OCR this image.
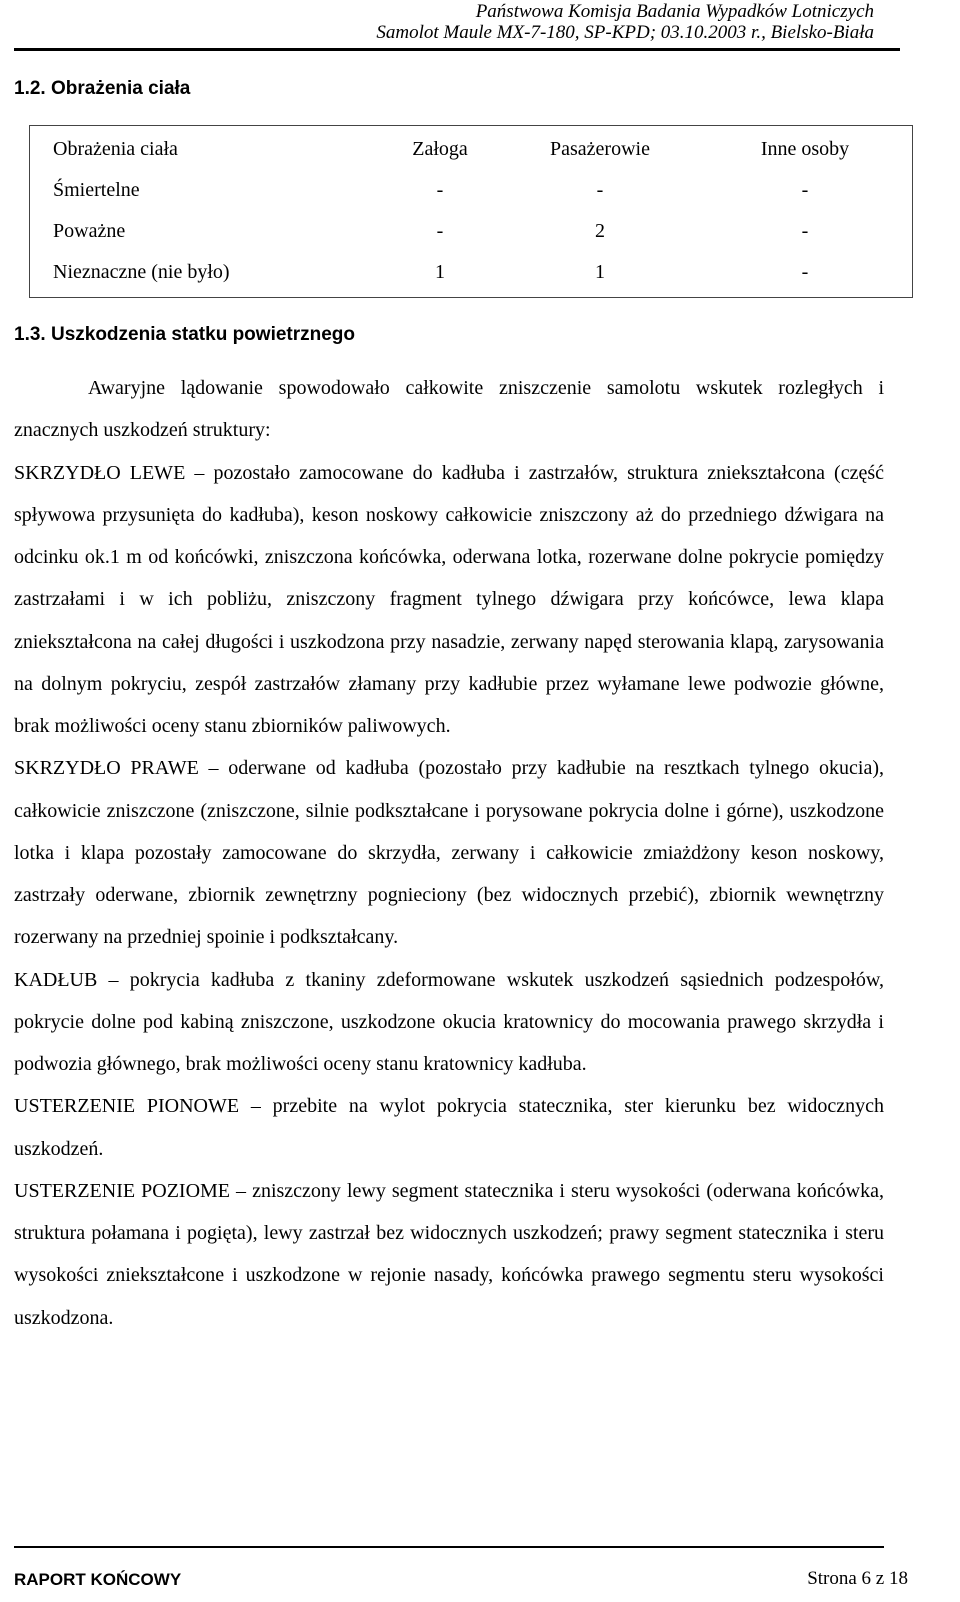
Państwowa Komisja Badania Wypadków Lotniczych
Samolot Maule MX-7-180, SP-KPD; 03.10.2003 r., Bielsko-Biała
1.2. Obrażenia ciała
Obrażenia ciała	Załoga	Pasażerowie	Inne osoby
Śmiertelne	-	-	-
Poważne	-	2	-
Nieznaczne (nie było)	1	1	-
1.3. Uszkodzenia statku powietrznego

Awaryjne lądowanie spowodowało całkowite zniszczenie samolotu wskutek rozległych i znacznych uszkodzeń struktury:

SKRZYDŁO LEWE – pozostało zamocowane do kadłuba i zastrzałów, struktura zniekształcona (część spływowa przysunięta do kadłuba), keson noskowy całkowicie zniszczony aż do przedniego dźwigara na odcinku ok.1 m od końcówki, zniszczona końcówka, oderwana lotka, rozerwane dolne pokrycie pomiędzy zastrzałami i w ich pobliżu, zniszczony fragment tylnego dźwigara przy końcówce, lewa klapa zniekształcona na całej długości i uszkodzona przy nasadzie, zerwany napęd sterowania klapą, zarysowania na dolnym pokryciu, zespół zastrzałów złamany przy kadłubie przez wyłamane lewe podwozie główne, brak możliwości oceny stanu zbiorników paliwowych.

SKRZYDŁO PRAWE – oderwane od kadłuba (pozostało przy kadłubie na resztkach tylnego okucia), całkowicie zniszczone (zniszczone, silnie podkształcane i porysowane pokrycia dolne i górne), uszkodzone lotka i klapa pozostały zamocowane do skrzydła, zerwany i całkowicie zmiażdżony keson noskowy, zastrzały oderwane, zbiornik zewnętrzny pognieciony (bez widocznych przebić), zbiornik wewnętrzny rozerwany na przedniej spoinie i podkształcany.

KADŁUB – pokrycia kadłuba z tkaniny zdeformowane wskutek uszkodzeń sąsiednich podzespołów, pokrycie dolne pod kabiną zniszczone, uszkodzone okucia kratownicy do mocowania prawego skrzydła i podwozia głównego, brak możliwości oceny stanu kratownicy kadłuba.

USTERZENIE PIONOWE – przebite na wylot pokrycia statecznika, ster kierunku bez widocznych uszkodzeń.

USTERZENIE POZIOME – zniszczony lewy segment statecznika i steru wysokości (oderwana końcówka, struktura połamana i pogięta), lewy zastrzał bez widocznych uszkodzeń; prawy segment statecznika i steru wysokości zniekształcone i uszkodzone w rejonie nasady, końcówka prawego segmentu steru wysokości uszkodzona.

RAPORT KOŃCOWY	Strona 6 z 18
